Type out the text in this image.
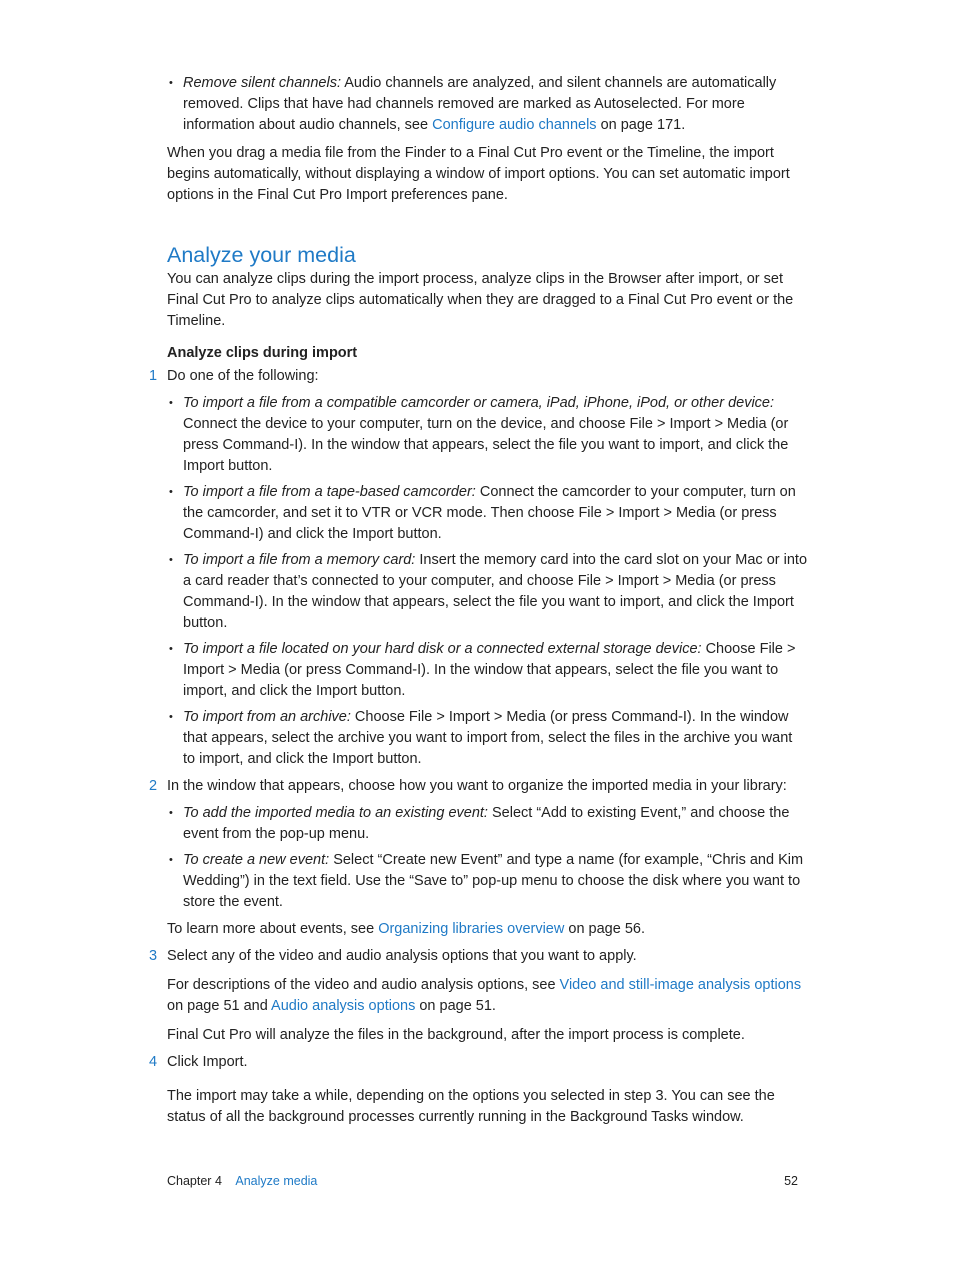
• Remove silent channels: Audio channels are analyzed, and silent channels are automatically removed. Clips that have had channels removed are marked as Autoselected. For more information about audio channels, see Configure audio channels on page 171.

When you drag a media file from the Finder to a Final Cut Pro event or the Timeline, the import begins automatically, without displaying a window of import options. You can set automatic import options in the Final Cut Pro Import preferences pane.

Analyze your media

You can analyze clips during the import process, analyze clips in the Browser after import, or set Final Cut Pro to analyze clips automatically when they are dragged to a Final Cut Pro event or the Timeline.

Analyze clips during import
1 Do one of the following:

• To import a file from a compatible camcorder or camera, iPad, iPhone, iPod, or other device: Connect the device to your computer, turn on the device, and choose File > Import > Media (or press Command-I). In the window that appears, select the file you want to import, and click the Import button.
• To import a file from a tape-based camcorder: Connect the camcorder to your computer, turn on the camcorder, and set it to VTR or VCR mode. Then choose File > Import > Media (or press Command-I) and click the Import button.
• To import a file from a memory card: Insert the memory card into the card slot on your Mac or into a card reader that’s connected to your computer, and choose File > Import > Media (or press Command-I). In the window that appears, select the file you want to import, and click the Import button.
• To import a file located on your hard disk or a connected external storage device: Choose File > Import > Media (or press Command-I). In the window that appears, select the file you want to import, and click the Import button.
• To import from an archive: Choose File > Import > Media (or press Command-I). In the window that appears, select the archive you want to import from, select the files in the archive you want to import, and click the Import button.
2 In the window that appears, choose how you want to organize the imported media in your library:

• To add the imported media to an existing event: Select “Add to existing Event,” and choose the event from the pop-up menu.
• To create a new event: Select “Create new Event” and type a name (for example, “Chris and Kim Wedding”) in the text field. Use the “Save to” pop-up menu to choose the disk where you want to store the event.

To learn more about events, see Organizing libraries overview on page 56.

3 Select any of the video and audio analysis options that you want to apply.

For descriptions of the video and audio analysis options, see Video and still-image analysis options on page 51 and Audio analysis options on page 51.

Final Cut Pro will analyze the files in the background, after the import process is complete.

4 Click Import.

The import may take a while, depending on the options you selected in step 3. You can see the status of all the background processes currently running in the Background Tasks window.

Chapter 4 Analyze media	52
